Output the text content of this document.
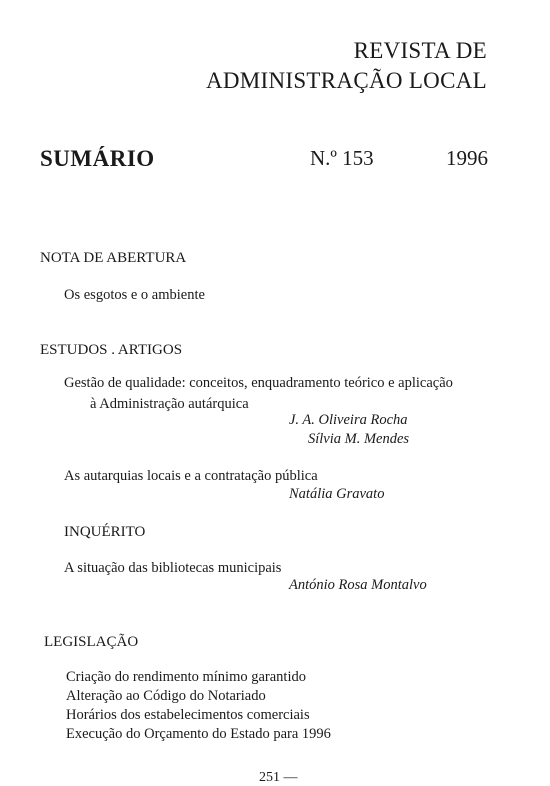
REVISTA DE
ADMINISTRAÇÃO LOCAL
SUMÁRIO	N.º 153	1996
NOTA DE ABERTURA
Os esgotos e o ambiente
ESTUDOS . ARTIGOS
Gestão de qualidade: conceitos, enquadramento teórico e aplicação
à Administração autárquica
J. A. Oliveira Rocha
Sílvia M. Mendes
As autarquias locais e a contratação pública
Natália Gravato
INQUÉRITO
A situação das bibliotecas municipais
António Rosa Montalvo
LEGISLAÇÃO
Criação do rendimento mínimo garantido
Alteração ao Código do Notariado
Horários dos estabelecimentos comerciais
Execução do Orçamento do Estado para 1996
251 —
